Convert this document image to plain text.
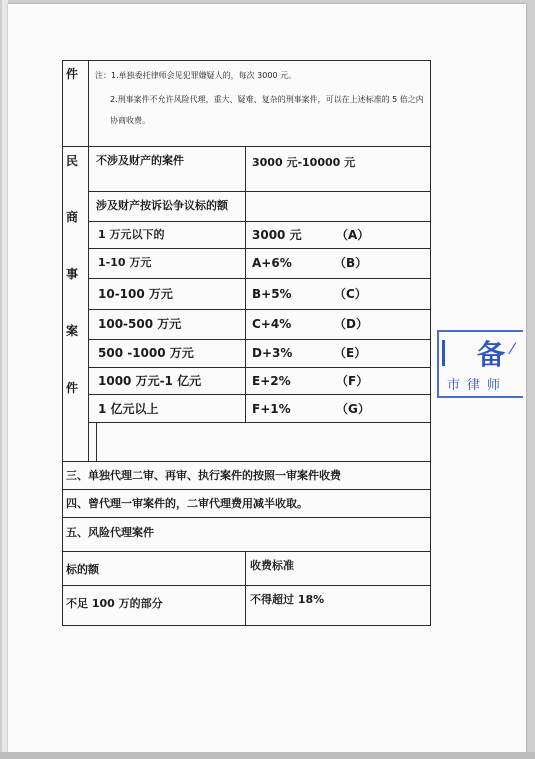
件 注：1.单独委托律师会见犯罪嫌疑人的，每次 3000 元。
2.刑事案件不允许风险代理，重大、疑难、复杂的刑事案件，可以在上述标准的 5 倍之内
协商收费。
民
商
事
案
件
不涉及财产的案件	3000 元-10000 元
涉及财产按诉讼争议标的额
1 万元以下的	3000 元	（A）
1-10 万元	A+6%	（B）
10-100 万元	B+5%	（C）
100-500 万元	C+4%	（D）
500 -1000 万元	D+3%	（E）
1000 万元-1 亿元	E+2%	（F）
1 亿元以上	F+1%	（G）
三、单独代理二审、再审、执行案件的按照一审案件收费
四、曾代理一审案件的，二审代理费用减半收取。
五、风险代理案件
标的额	收费标准
不足 100 万的部分	不得超过 18%
备 ⁄
市律师
